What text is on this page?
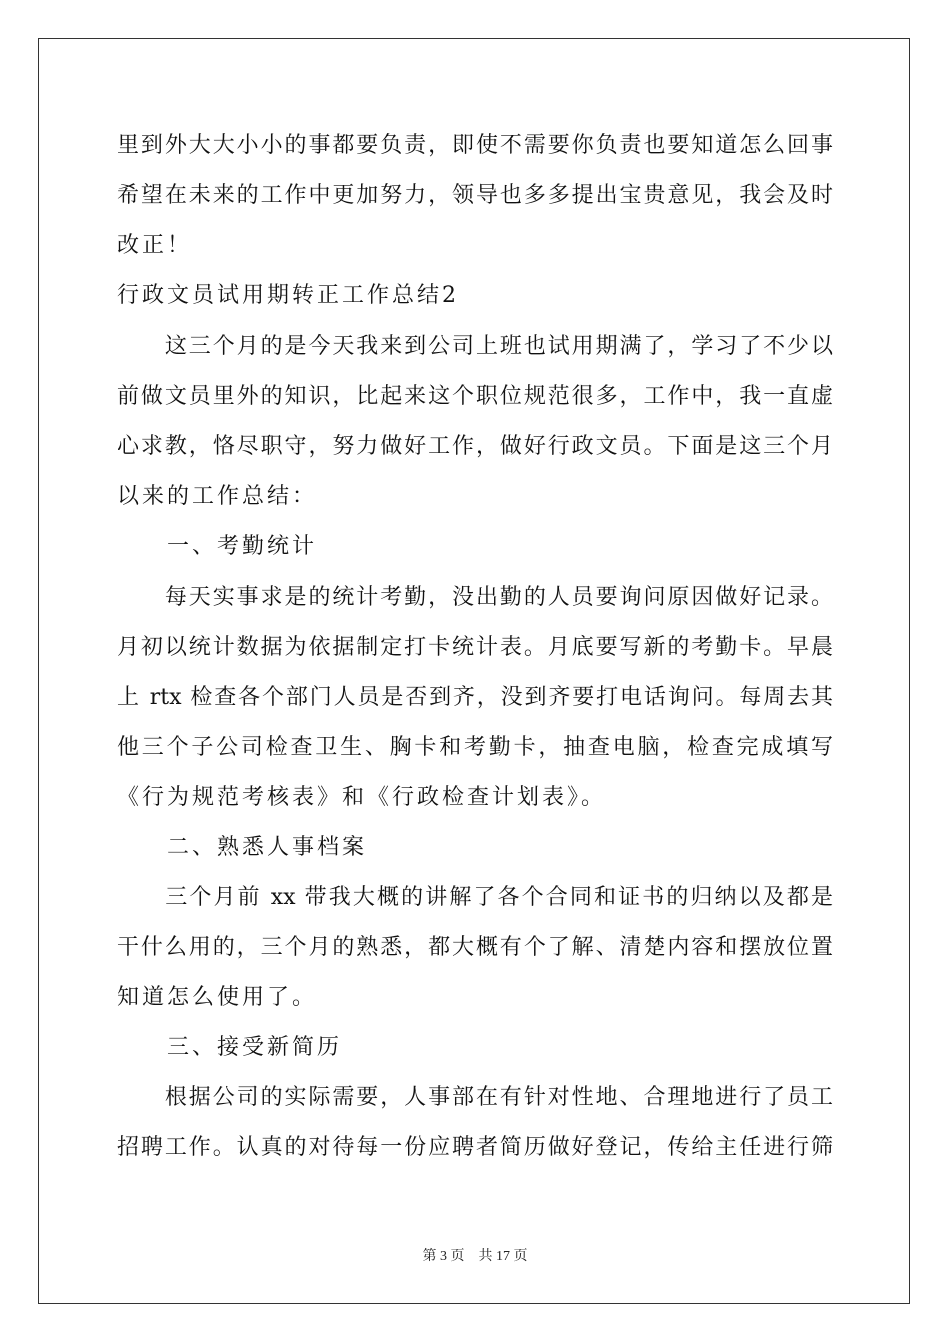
里到外大大小小的事都要负责，即使不需要你负责也要知道怎么回事
希望在未来的工作中更加努力，领导也多多提出宝贵意见，我会及时
改正！
行政文员试用期转正工作总结2
　　这三个月的是今天我来到公司上班也试用期满了，学习了不少以
前做文员里外的知识，比起来这个职位规范很多，工作中，我一直虚
心求教，恪尽职守，努力做好工作，做好行政文员。下面是这三个月
以来的工作总结：
　　一、考勤统计
　　每天实事求是的统计考勤，没出勤的人员要询问原因做好记录。
月初以统计数据为依据制定打卡统计表。月底要写新的考勤卡。早晨
上 rtx 检查各个部门人员是否到齐，没到齐要打电话询问。每周去其
他三个子公司检查卫生、胸卡和考勤卡，抽查电脑，检查完成填写
《行为规范考核表》和《行政检查计划表》。
　　二、熟悉人事档案
　　三个月前 xx 带我大概的讲解了各个合同和证书的归纳以及都是
干什么用的，三个月的熟悉，都大概有个了解、清楚内容和摆放位置
知道怎么使用了。
　　三、接受新简历
　　根据公司的实际需要，人事部在有针对性地、合理地进行了员工
招聘工作。认真的对待每一份应聘者简历做好登记，传给主任进行筛
第 3 页 共 17 页
